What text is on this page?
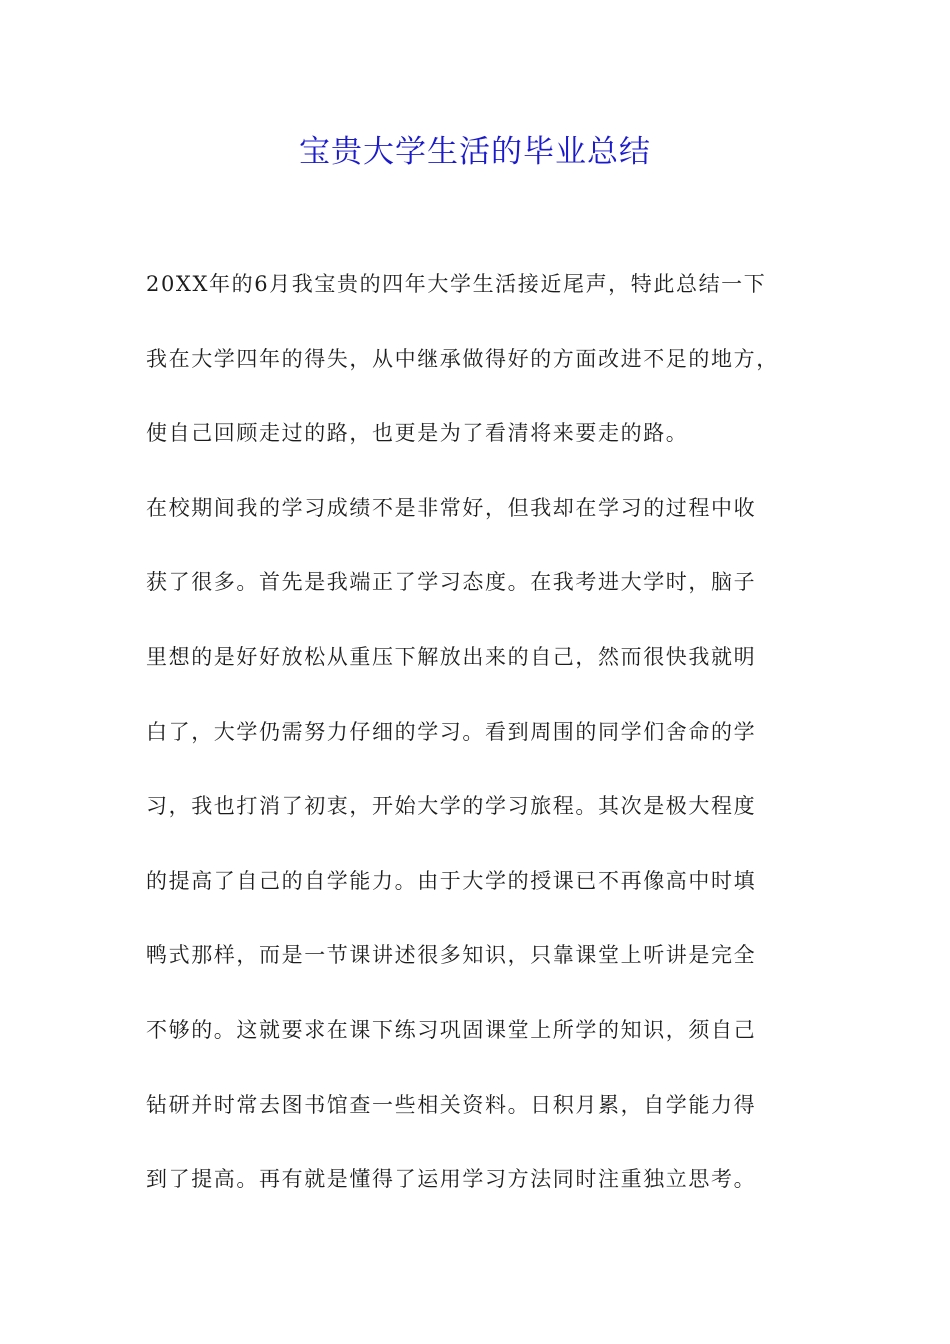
宝贵大学生活的毕业总结
20XX年的6月我宝贵的四年大学生活接近尾声，特此总结一下
我在大学四年的得失，从中继承做得好的方面改进不足的地方，
使自己回顾走过的路，也更是为了看清将来要走的路。
在校期间我的学习成绩不是非常好，但我却在学习的过程中收
获了很多。首先是我端正了学习态度。在我考进大学时，脑子
里想的是好好放松从重压下解放出来的自己，然而很快我就明
白了，大学仍需努力仔细的学习。看到周围的同学们舍命的学
习，我也打消了初衷，开始大学的学习旅程。其次是极大程度
的提高了自己的自学能力。由于大学的授课已不再像高中时填
鸭式那样，而是一节课讲述很多知识，只靠课堂上听讲是完全
不够的。这就要求在课下练习巩固课堂上所学的知识，须自己
钻研并时常去图书馆查一些相关资料。日积月累，自学能力得
到了提高。再有就是懂得了运用学习方法同时注重独立思考。
